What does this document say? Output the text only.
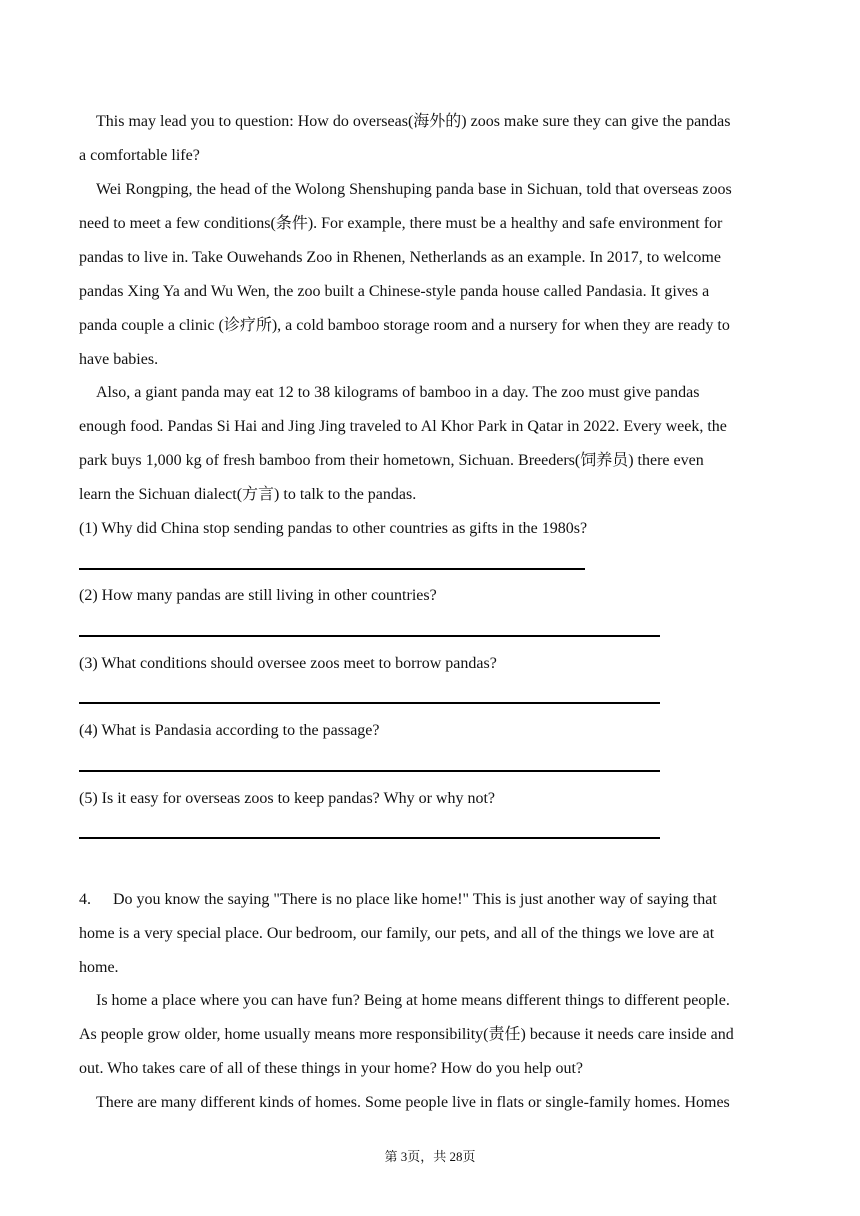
This may lead you to question: How do overseas(海外的) zoos make sure they can give the pandas
a comfortable life?
Wei Rongping, the head of the Wolong Shenshuping panda base in Sichuan, told that overseas zoos
need to meet a few conditions(条件). For example, there must be a healthy and safe environment for
pandas to live in. Take Ouwehands Zoo in Rhenen, Netherlands as an example. In 2017, to welcome
pandas Xing Ya and Wu Wen, the zoo built a Chinese-style panda house called Pandasia. It gives a
panda couple a clinic (诊疗所), a cold bamboo storage room and a nursery for when they are ready to
have babies.
Also, a giant panda may eat 12 to 38 kilograms of bamboo in a day. The zoo must give pandas
enough food. Pandas Si Hai and Jing Jing traveled to Al Khor Park in Qatar in 2022. Every week, the
park buys 1,000 kg of fresh bamboo from their hometown, Sichuan. Breeders(饲养员) there even
learn the Sichuan dialect(方言) to talk to the pandas.
(1) Why did China stop sending pandas to other countries as gifts in the 1980s?
(2) How many pandas are still living in other countries?
(3) What conditions should oversee zoos meet to borrow pandas?
(4) What is Pandasia according to the passage?
(5) Is it easy for overseas zoos to keep pandas? Why or why not?
4. Do you know the saying "There is no place like home!" This is just another way of saying that
home is a very special place. Our bedroom, our family, our pets, and all of the things we love are at
home.
Is home a place where you can have fun? Being at home means different things to different people.
As people grow older, home usually means more responsibility(责任) because it needs care inside and
out. Who takes care of all of these things in your home? How do you help out?
There are many different kinds of homes. Some people live in flats or single-family homes. Homes
第 3页，共 28页
